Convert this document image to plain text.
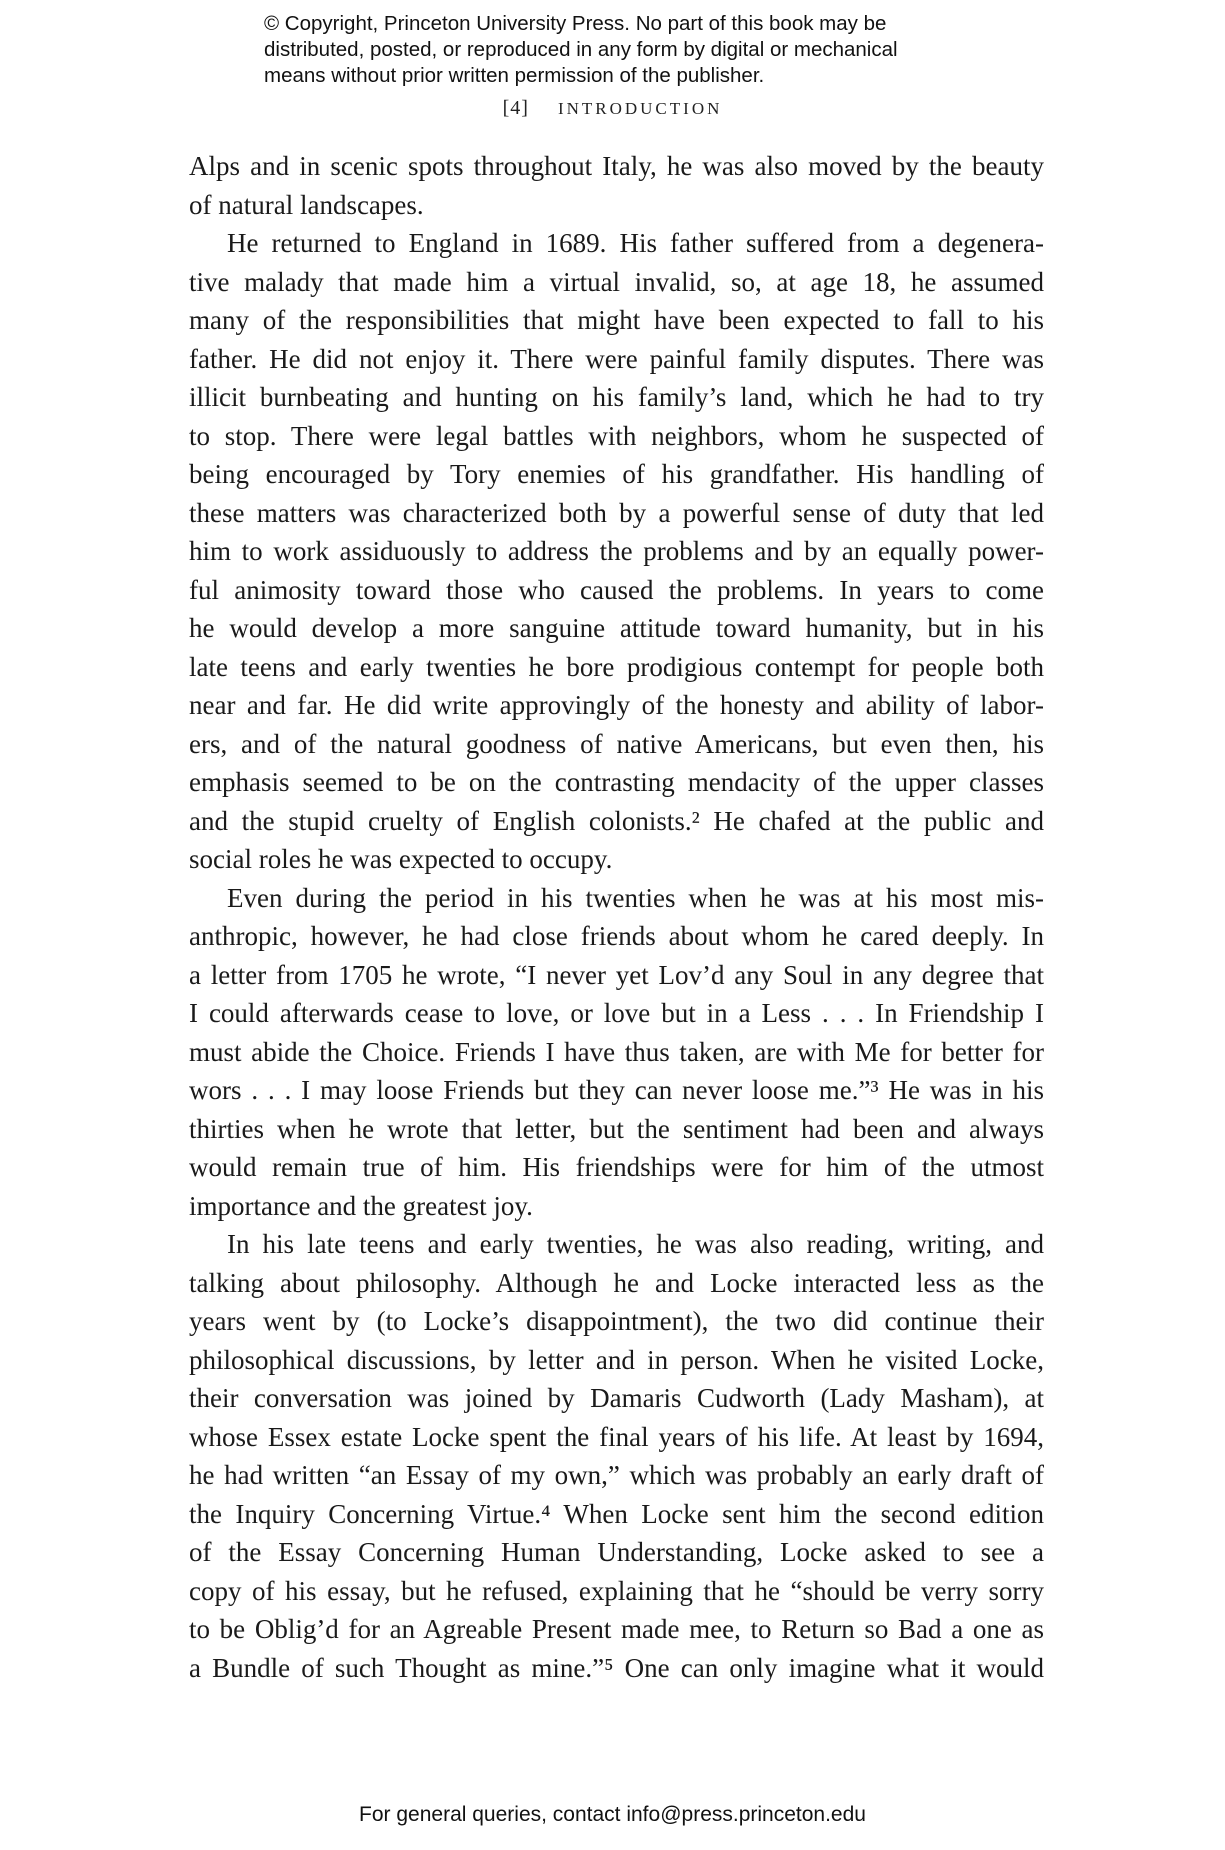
© Copyright, Princeton University Press. No part of this book may be
distributed, posted, or reproduced in any form by digital or mechanical
means without prior written permission of the publisher.
[4] INTRODUCTION
Alps and in scenic spots throughout Italy, he was also moved by the beauty
of natural landscapes.
He returned to England in 1689. His father suffered from a degenera-
tive malady that made him a virtual invalid, so, at age 18, he assumed
many of the responsibilities that might have been expected to fall to his
father. He did not enjoy it. There were painful family disputes. There was
illicit burnbeating and hunting on his family’s land, which he had to try
to stop. There were legal battles with neighbors, whom he suspected of
being encouraged by Tory enemies of his grandfather. His handling of
these matters was characterized both by a powerful sense of duty that led
him to work assiduously to address the problems and by an equally power-
ful animosity toward those who caused the problems. In years to come
he would develop a more sanguine attitude toward humanity, but in his
late teens and early twenties he bore prodigious contempt for people both
near and far. He did write approvingly of the honesty and ability of labor-
ers, and of the natural goodness of native Americans, but even then, his
emphasis seemed to be on the contrasting mendacity of the upper classes
and the stupid cruelty of English colonists.² He chafed at the public and
social roles he was expected to occupy.
Even during the period in his twenties when he was at his most mis-
anthropic, however, he had close friends about whom he cared deeply. In
a letter from 1705 he wrote, “I never yet Lov’d any Soul in any degree that
I could afterwards cease to love, or love but in a Less . . . In Friendship I
must abide the Choice. Friends I have thus taken, are with Me for better for
wors . . . I may loose Friends but they can never loose me.”³ He was in his
thirties when he wrote that letter, but the sentiment had been and always
would remain true of him. His friendships were for him of the utmost
importance and the greatest joy.
In his late teens and early twenties, he was also reading, writing, and
talking about philosophy. Although he and Locke interacted less as the
years went by (to Locke’s disappointment), the two did continue their
philosophical discussions, by letter and in person. When he visited Locke,
their conversation was joined by Damaris Cudworth (Lady Masham), at
whose Essex estate Locke spent the final years of his life. At least by 1694,
he had written “an Essay of my own,” which was probably an early draft of
the Inquiry Concerning Virtue.⁴ When Locke sent him the second edition
of the Essay Concerning Human Understanding, Locke asked to see a
copy of his essay, but he refused, explaining that he “should be verry sorry
to be Oblig’d for an Agreable Present made mee, to Return so Bad a one as
a Bundle of such Thought as mine.”⁵ One can only imagine what it would
For general queries, contact info@press.princeton.edu
